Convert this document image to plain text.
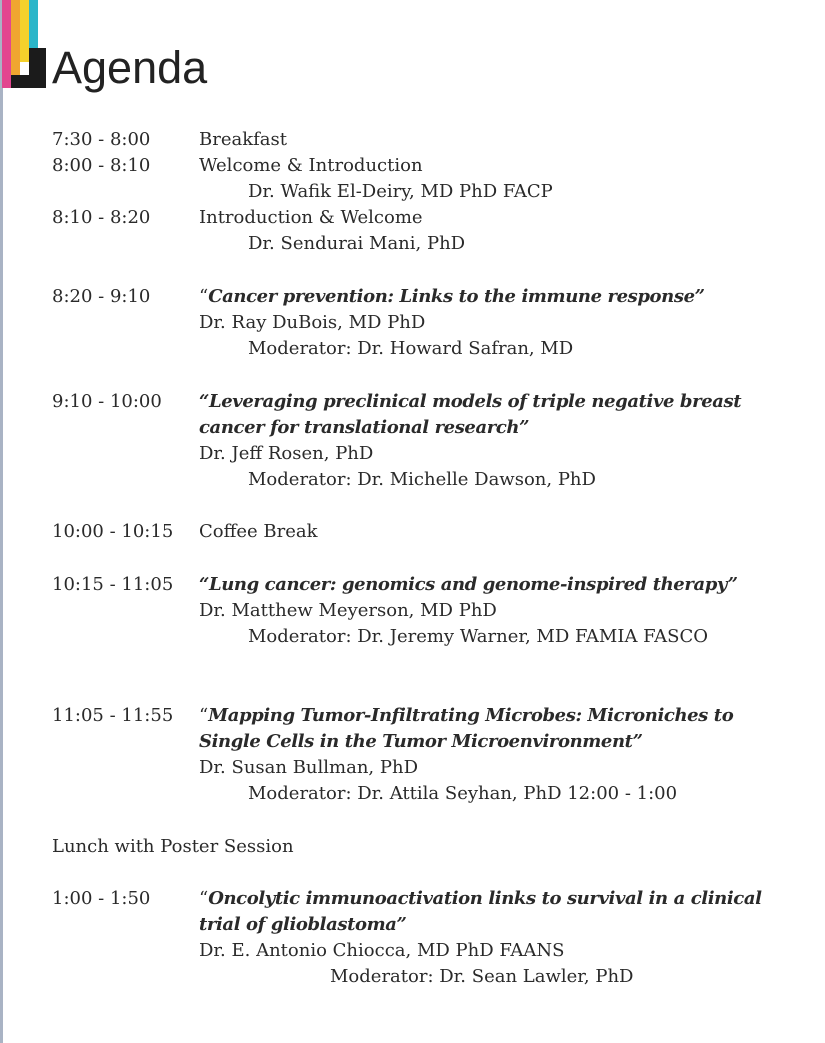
Agenda
7:30 - 8:00	Breakfast
8:00 - 8:10	Welcome & Introduction
Dr. Wafik El-Deiry, MD PhD FACP
8:10 - 8:20	Introduction & Welcome
Dr. Sendurai Mani, PhD
8:20 - 9:10	“Cancer prevention: Links to the immune response”
Dr. Ray DuBois, MD PhD
Moderator: Dr. Howard Safran, MD
9:10 - 10:00 “Leveraging preclinical models of triple negative breast
cancer for translational research”
Dr. Jeff Rosen, PhD
Moderator: Dr. Michelle Dawson, PhD
10:00 - 10:15 Coffee Break
10:15 - 11:05 “Lung cancer: genomics and genome-inspired therapy”
Dr. Matthew Meyerson, MD PhD
Moderator: Dr. Jeremy Warner, MD FAMIA FASCO
11:05 - 11:55 “Mapping Tumor-Infiltrating Microbes: Microniches to
Single Cells in the Tumor Microenvironment”
Dr. Susan Bullman, PhD
Moderator: Dr. Attila Seyhan, PhD 12:00 - 1:00
Lunch with Poster Session
1:00 - 1:50	“Oncolytic immunoactivation links to survival in a clinical
trial of glioblastoma”
Dr. E. Antonio Chiocca, MD PhD FAANS
Moderator: Dr. Sean Lawler, PhD
